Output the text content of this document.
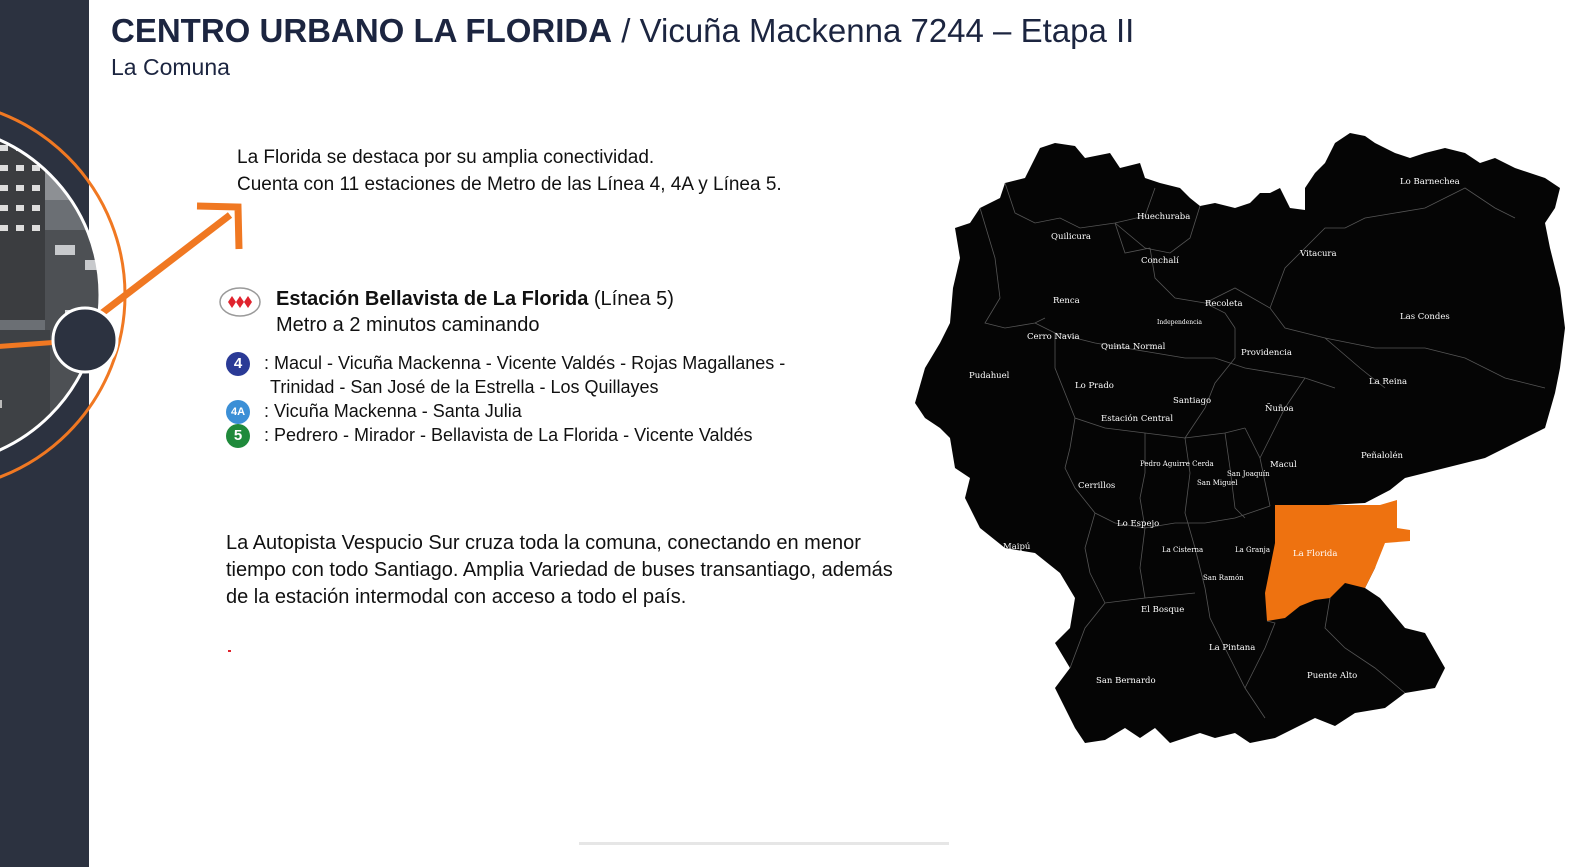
CENTRO URBANO LA FLORIDA / Vicuña Mackenna 7244 – Etapa II
La Comuna
La Florida se destaca por su amplia conectividad.
Cuenta con 11 estaciones de Metro de las Línea 4, 4A y Línea 5.
Estación Bellavista de La Florida (Línea 5)
Metro a 2 minutos caminando
4	: Macul - Vicuña Mackenna - Vicente Valdés - Rojas Magallanes -
Trinidad - San José de la Estrella - Los Quillayes
4A : Vicuña Mackenna - Santa Julia
5	: Pedrero - Mirador - Bellavista de La Florida - Vicente Valdés
La Autopista Vespucio Sur cruza toda la comuna, conectando en menor tiempo con todo Santiago. Amplia Variedad de buses transantiago, además de la estación intermodal con acceso a todo el país.
Lo Barnechea
Huechuraba
Quilicura
Conchalí
Vitacura
Renca	Recoleta
Independencia
Las Condes
Cerro Navia
Quinta Normal
Providencia
Pudahuel
Lo Prado
Santiago
La Reina
Estación Central
Ñuñoa
Peñalolén
Pedro Aguirre Cerda
San Joaquín
Macul
Cerrillos	San Miguel
Lo Espejo
La Cisterna	La Granja	La Florida
Maipú
San Ramón
El Bosque
La Pintana
Puente Alto
San Bernardo
